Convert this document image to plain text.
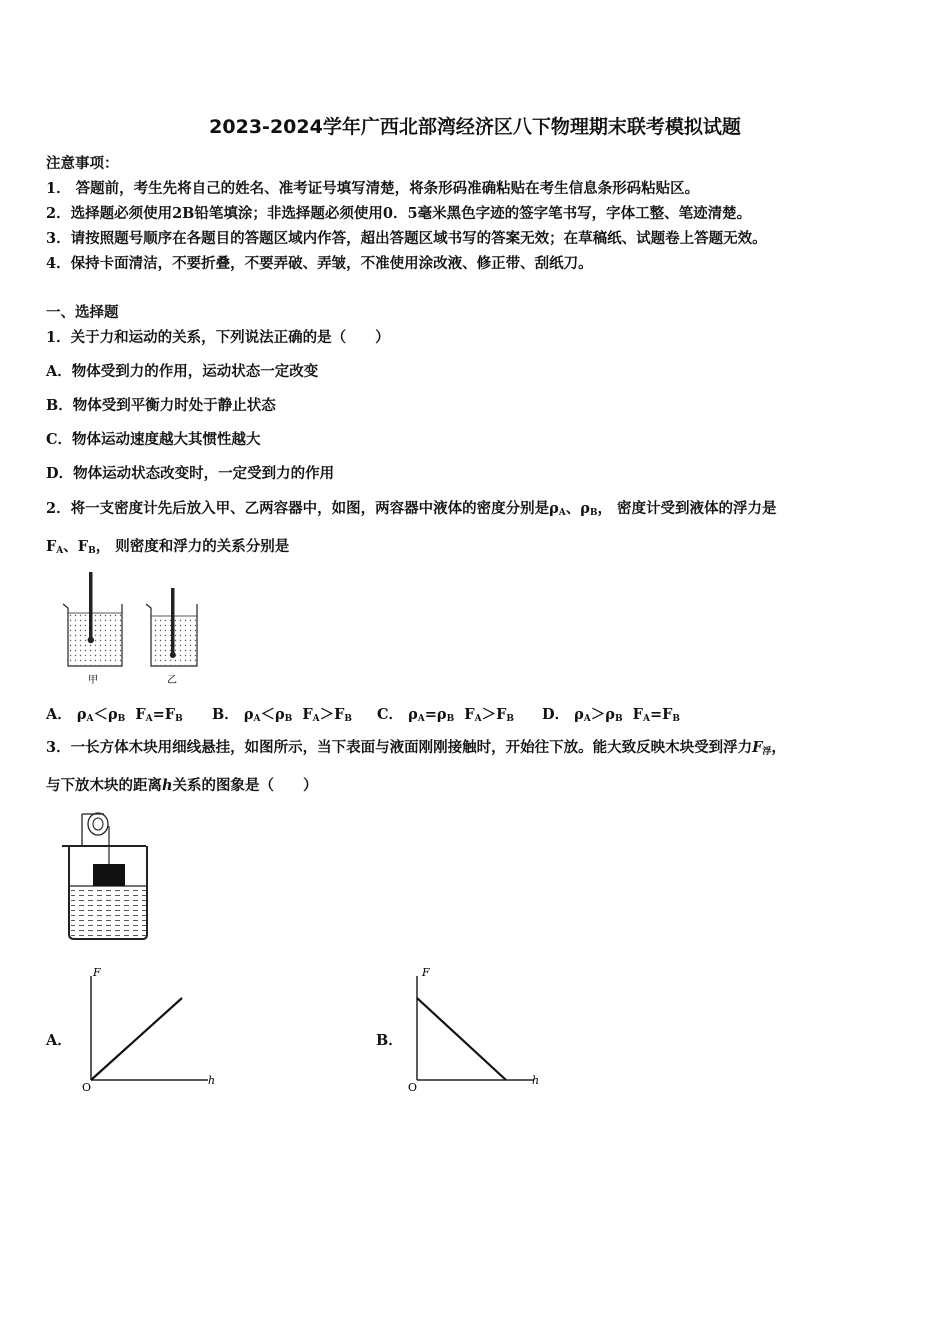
2023-2024学年广西北部湾经济区八下物理期末联考模拟试题
注意事项：
1． 答题前，考生先将自己的姓名、准考证号填写清楚，将条形码准确粘贴在考生信息条形码粘贴区。
2．选择题必须使用2B铅笔填涂；非选择题必须使用0．5毫米黑色字迹的签字笔书写，字体工整、笔迹清楚。
3．请按照题号顺序在各题目的答题区域内作答，超出答题区域书写的答案无效；在草稿纸、试题卷上答题无效。
4．保持卡面清洁，不要折叠，不要弄破、弄皱，不准使用涂改液、修正带、刮纸刀。
一、选择题
1．关于力和运动的关系，下列说法正确的是（　　）
A．物体受到力的作用，运动状态一定改变
B．物体受到平衡力时处于静止状态
C．物体运动速度越大其惯性越大
D．物体运动状态改变时，一定受到力的作用
2．将一支密度计先后放入甲、乙两容器中，如图，两容器中液体的密度分别是$\rho_A$、$\rho_B$， 密度计受到液体的浮力是
$F_A$、$F_B$， 则密度和浮力的关系分别是
甲	乙
A． $\rho_A<\rho_B$ $F_A=F_B$ B． $\rho_A<\rho_B$ $F_A>F_B$ C． $\rho_A=\rho_B$ $F_A>F_B$ D． $\rho_A>\rho_B$ $F_A=F_B$
3．一长方体木块用细线悬挂，如图所示，当下表面与液面刚刚接触时，开始往下放。能大致反映木块受到浮力$F_浮$，
与下放木块的距离h关系的图象是（　　）
A．
F
h
O
B．
F
h
O
